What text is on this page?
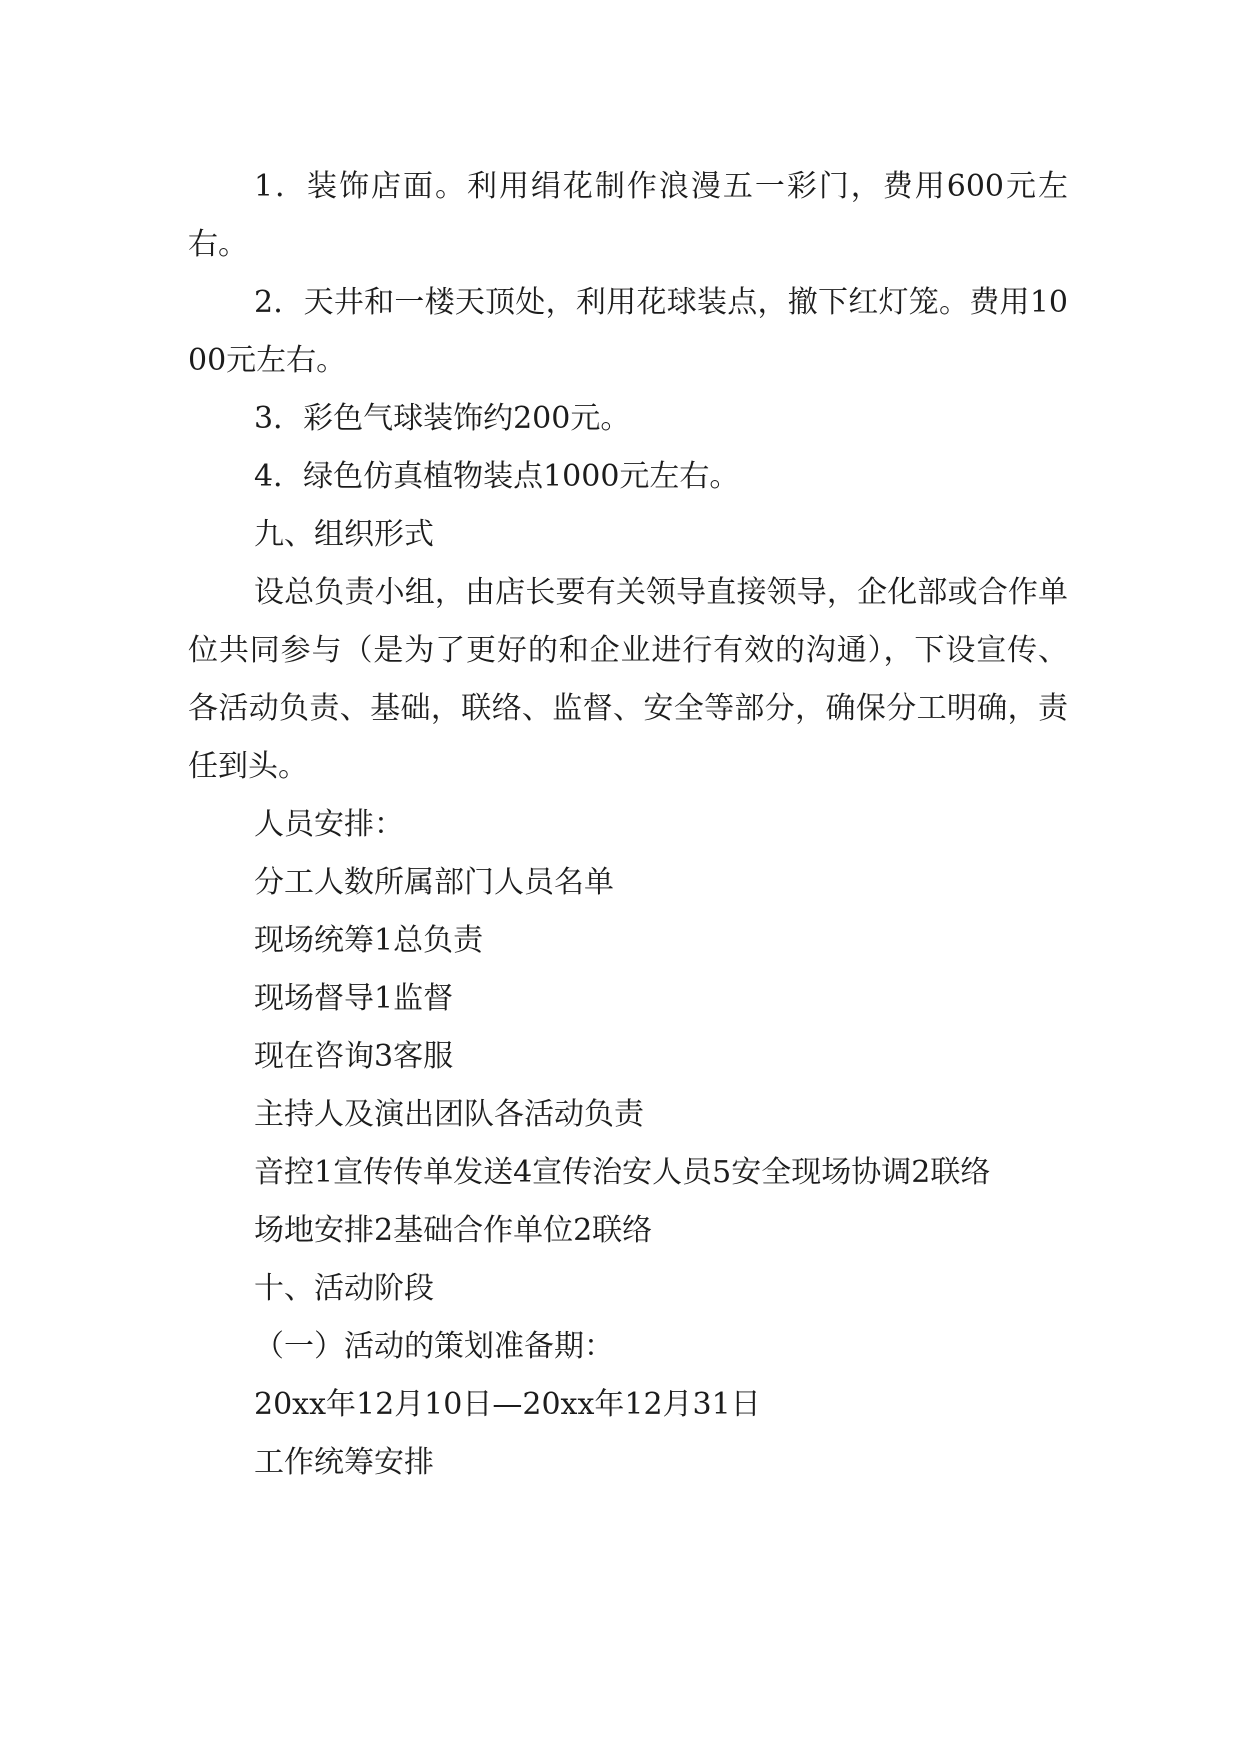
1．装饰店面。利用绢花制作浪漫五一彩门，费用600元左右。

2．天井和一楼天顶处，利用花球装点，撤下红灯笼。费用1000元左右。

3．彩色气球装饰约200元。

4．绿色仿真植物装点1000元左右。

九、组织形式

设总负责小组，由店长要有关领导直接领导，企化部或合作单位共同参与（是为了更好的和企业进行有效的沟通），下设宣传、各活动负责、基础，联络、监督、安全等部分，确保分工明确，责任到头。

人员安排：

分工人数所属部门人员名单

现场统筹1总负责

现场督导1监督

现在咨询3客服

主持人及演出团队各活动负责

音控1宣传传单发送4宣传治安人员5安全现场协调2联络

场地安排2基础合作单位2联络

十、活动阶段

（一）活动的策划准备期：

20xx年12月10日—20xx年12月31日

工作统筹安排
